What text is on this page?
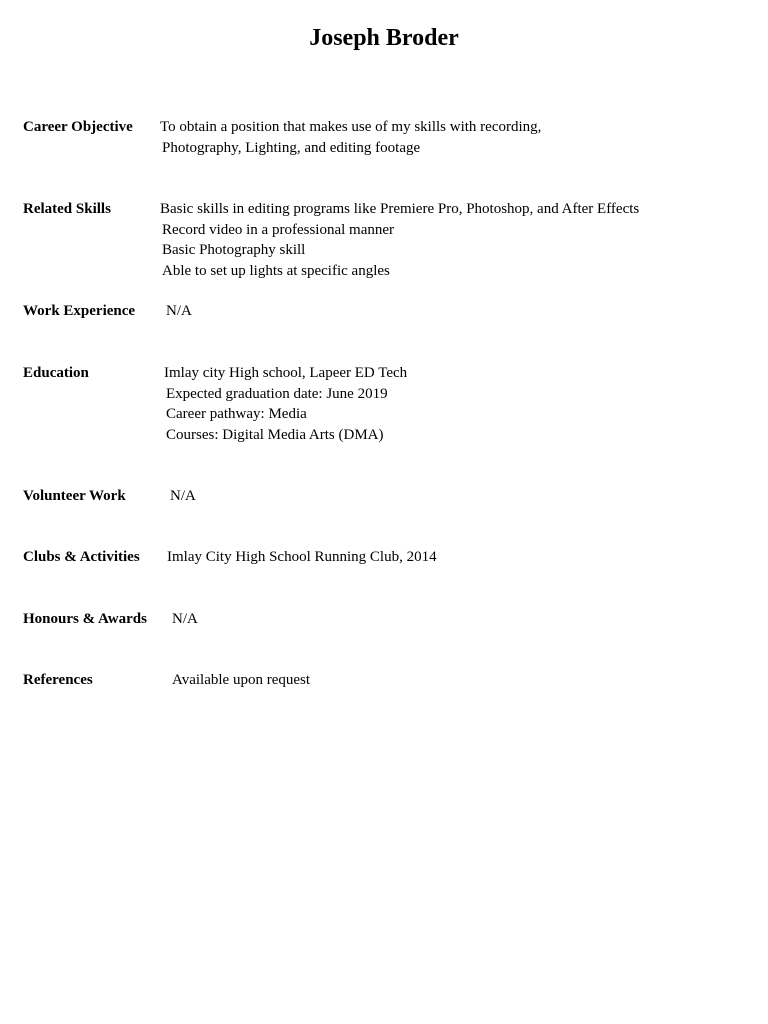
Joseph Broder
Career Objective To obtain a position that makes use of my skills with recording,
Photography, Lighting, and editing footage
Related Skills	Basic skills in editing programs like Premiere Pro, Photoshop, and After Effects
Record video in a professional manner
Basic Photography skill
Able to set up lights at specific angles
Work Experience N/A
Education	Imlay city High school, Lapeer ED Tech
Expected graduation date: June 2019
Career pathway: Media
Courses: Digital Media Arts (DMA)
Volunteer Work	N/A
Clubs & Activities Imlay City High School Running Club, 2014
Honours & Awards N/A
References	Available upon request
